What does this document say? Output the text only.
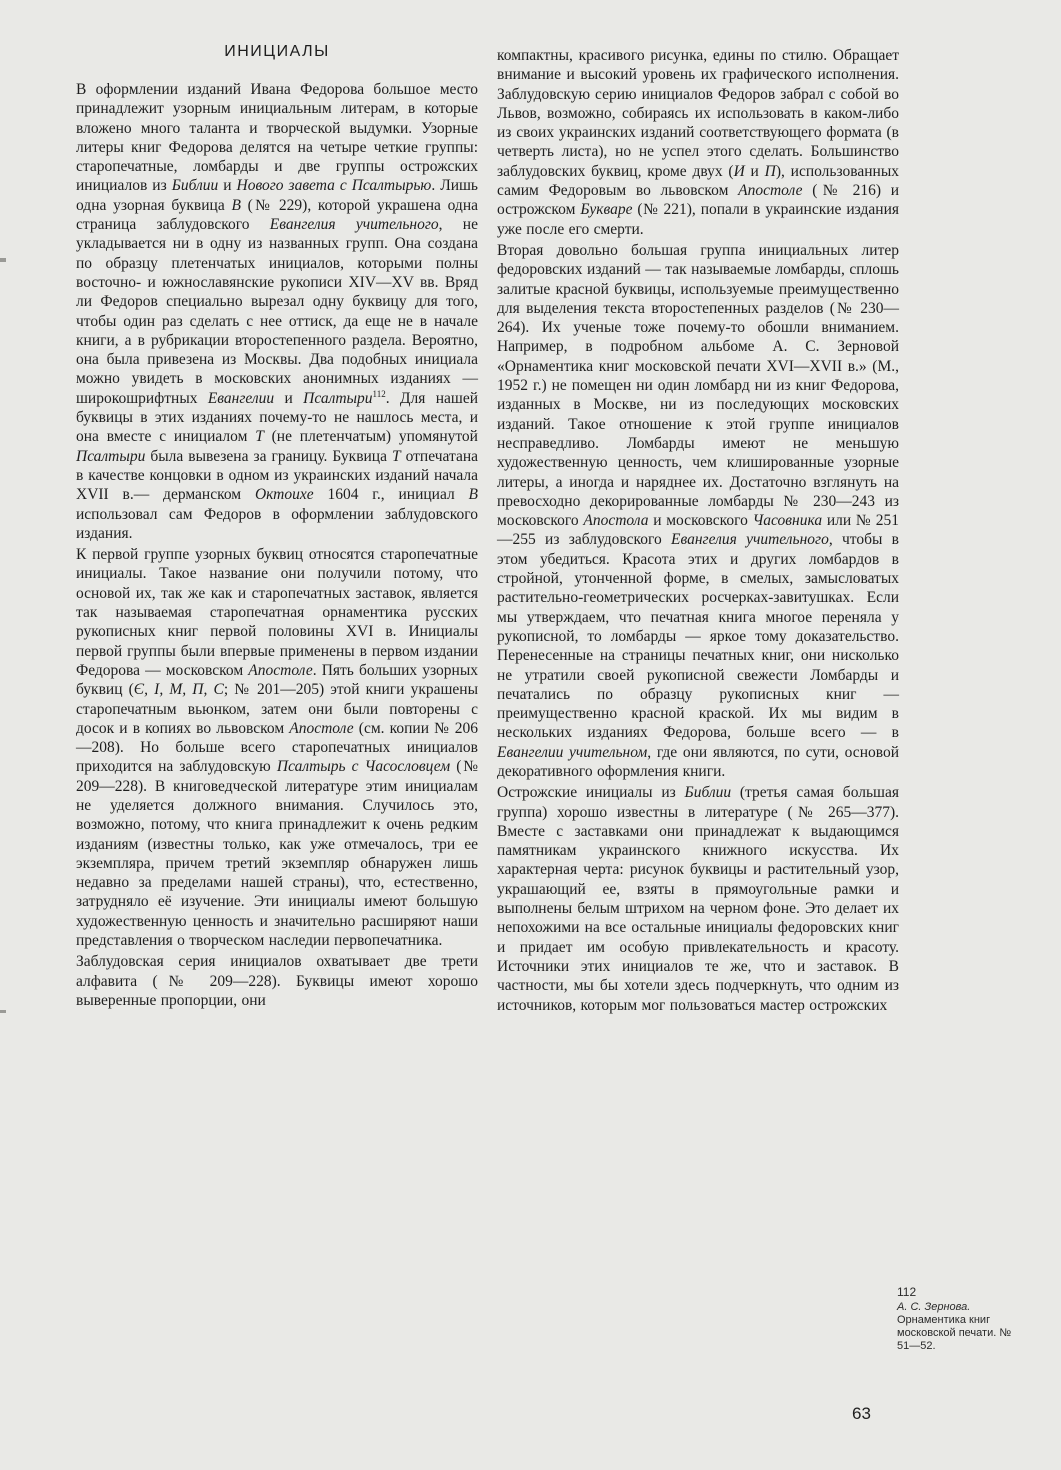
ИНИЦИАЛЫ

В оформлении изданий Ивана Федорова большое место принадлежит узорным инициальным литерам, в которые вложено много таланта и творческой выдумки. Узорные литеры книг Федорова делятся на четыре четкие группы: старопечатные, ломбарды и две группы острожских инициалов из Библии и Нового завета с Псалтырью. Лишь одна узорная буквица В (№ 229), которой украшена одна страница заблудовского Евангелия учительного, не укладывается ни в одну из названных групп. Она создана по образцу плетенчатых инициалов, которыми полны восточно- и южнославянские рукописи XIV—XV вв. Вряд ли Федоров специально вырезал одну буквицу для того, чтобы один раз сделать с нее оттиск, да еще не в начале книги, а в рубрикации второстепенного раздела. Вероятно, она была привезена из Москвы. Два подобных инициала можно увидеть в московских анонимных изданиях — широкошрифтных Евангелии и Псалтыри$^{112}$. Для нашей буквицы в этих изданиях почему-то не нашлось места, и она вместе с инициалом Т (не плетенчатым) упомянутой Псалтыри была вывезена за границу. Буквица Т отпечатана в качестве концовки в одном из украинских изданий начала XVII в.— дерманском Октоихе 1604 г., инициал В использовал сам Федоров в оформлении заблудовского издания.

К первой группе узорных буквиц относятся старопечатные инициалы. Такое название они получили потому, что основой их, так же как и старопечатных заставок, является так называемая старопечатная орнаментика русских рукописных книг первой половины XVI в. Инициалы первой группы были впервые применены в первом издании Федорова — московском Апостоле. Пять больших узорных буквиц (Є, І, М, П, С; № 201—205) этой книги украшены старопечатным вьюнком, затем они были повторены с досок и в копиях во львовском Апостоле (см. копии № 206—208). Но больше всего старопечатных инициалов приходится на заблудовскую Псалтырь с Часословцем (№ 209—228). В книговедческой литературе этим инициалам не уделяется должного внимания. Случилось это, возможно, потому, что книга принадлежит к очень редким изданиям (известны только, как уже отмечалось, три ее экземпляра, причем третий экземпляр обнаружен лишь недавно за пределами нашей страны), что, естественно, затрудняло её изучение. Эти инициалы имеют большую художественную ценность и значительно расширяют наши представления о творческом наследии первопечатника.

Заблудовская серия инициалов охватывает две трети алфавита (№ 209—228). Буквицы имеют хорошо выверенные пропорции, они

компактны, красивого рисунка, едины по стилю. Обращает внимание и высокий уровень их графического исполнения. Заблудовскую серию инициалов Федоров забрал с собой во Львов, возможно, собираясь их использовать в каком-либо из своих украинских изданий соответствующего формата (в четверть листа), но не успел этого сделать. Большинство заблудовских буквиц, кроме двух (И и П), использованных самим Федоровым во львовском Апостоле (№ 216) и острожском Букваре (№ 221), попали в украинские издания уже после его смерти.

Вторая довольно большая группа инициальных литер федоровских изданий — так называемые ломбарды, сплошь залитые красной буквицы, используемые преимущественно для выделения текста второстепенных разделов (№ 230—264). Их ученые тоже почему-то обошли вниманием. Например, в подробном альбоме А. С. Зерновой «Орнаментика книг московской печати XVI—XVII в.» (М., 1952 г.) не помещен ни один ломбард ни из книг Федорова, изданных в Москве, ни из последующих московских изданий. Такое отношение к этой группе инициалов несправедливо. Ломбарды имеют не меньшую художественную ценность, чем клишированные узорные литеры, а иногда и наряднее их. Достаточно взглянуть на превосходно декорированные ломбарды № 230—243 из московского Апостола и московского Часовника или № 251—255 из заблудовского Евангелия учительного, чтобы в этом убедиться. Красота этих и других ломбардов в стройной, утонченной форме, в смелых, замысловатых растительно-геометрических росчерках-завитушках. Если мы утверждаем, что печатная книга многое переняла у рукописной, то ломбарды — яркое тому доказательство. Перенесенные на страницы печатных книг, они нисколько не утратили своей рукописной свежести Ломбарды и печатались по образцу рукописных книг — преимущественно красной краской. Их мы видим в нескольких изданиях Федорова, больше всего — в Евангелии учительном, где они являются, по сути, основой декоративного оформления книги.

Острожские инициалы из Библии (третья самая большая группа) хорошо известны в литературе (№ 265—377). Вместе с заставками они принадлежат к выдающимся памятникам украинского книжного искусства. Их характерная черта: рисунок буквицы и растительный узор, украшающий ее, взяты в прямоугольные рамки и выполнены белым штрихом на черном фоне. Это делает их непохожими на все остальные инициалы федоровских книг и придает им особую привлекательность и красоту. Источники этих инициалов те же, что и заставок. В частности, мы бы хотели здесь подчеркнуть, что одним из источников, которым мог пользоваться мастер острожских

112
А. С. Зернова.
Орнаментика книг московской печати. № 51—52.
63
